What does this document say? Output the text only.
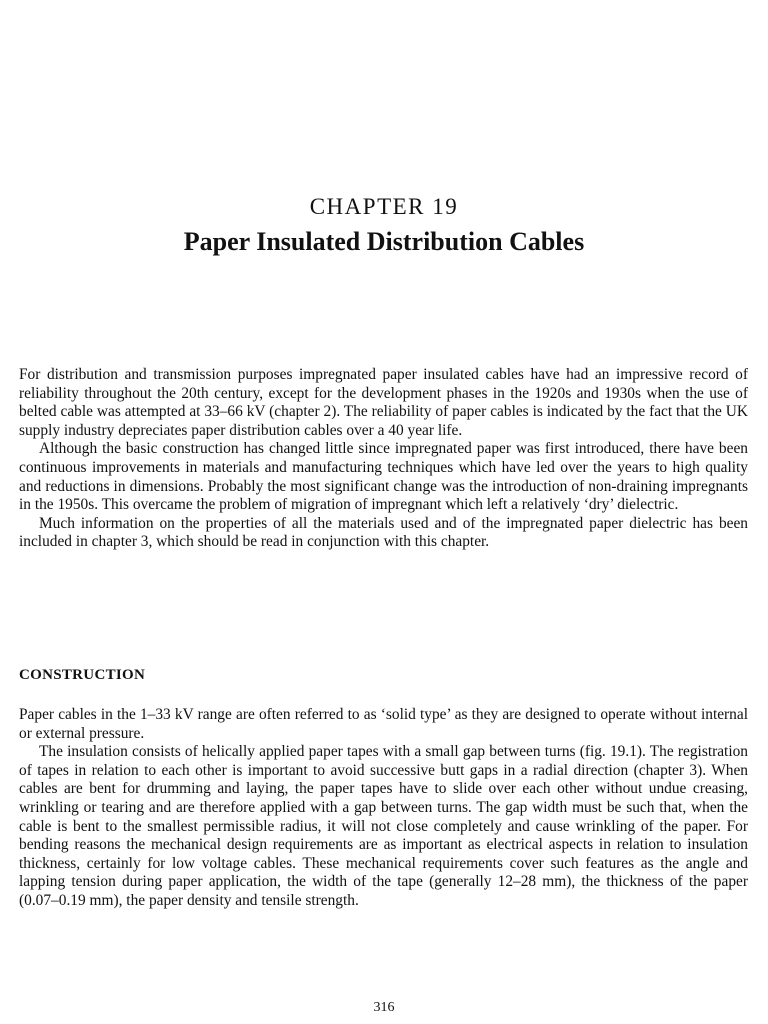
CHAPTER 19
Paper Insulated Distribution Cables

For distribution and transmission purposes impregnated paper insulated cables have had an impressive record of reliability throughout the 20th century, except for the development phases in the 1920s and 1930s when the use of belted cable was attempted at 33–66 kV (chapter 2). The reliability of paper cables is indicated by the fact that the UK supply industry depreciates paper distribution cables over a 40 year life.

Although the basic construction has changed little since impregnated paper was first introduced, there have been continuous improvements in materials and manufacturing techniques which have led over the years to high quality and reductions in dimensions. Probably the most significant change was the introduction of non-draining impregnants in the 1950s. This overcame the problem of migration of impregnant which left a relatively ‘dry’ dielectric.

Much information on the properties of all the materials used and of the impregnated paper dielectric has been included in chapter 3, which should be read in conjunction with this chapter.

CONSTRUCTION

Paper cables in the 1–33 kV range are often referred to as ‘solid type’ as they are designed to operate without internal or external pressure.

The insulation consists of helically applied paper tapes with a small gap between turns (fig. 19.1). The registration of tapes in relation to each other is important to avoid successive butt gaps in a radial direction (chapter 3). When cables are bent for drumming and laying, the paper tapes have to slide over each other without undue creasing, wrinkling or tearing and are therefore applied with a gap between turns. The gap width must be such that, when the cable is bent to the smallest permissible radius, it will not close completely and cause wrinkling of the paper. For bending reasons the mechanical design requirements are as important as electrical aspects in relation to insulation thickness, certainly for low voltage cables. These mechanical requirements cover such features as the angle and lapping tension during paper application, the width of the tape (generally 12–28 mm), the thickness of the paper (0.07–0.19 mm), the paper density and tensile strength.

316
